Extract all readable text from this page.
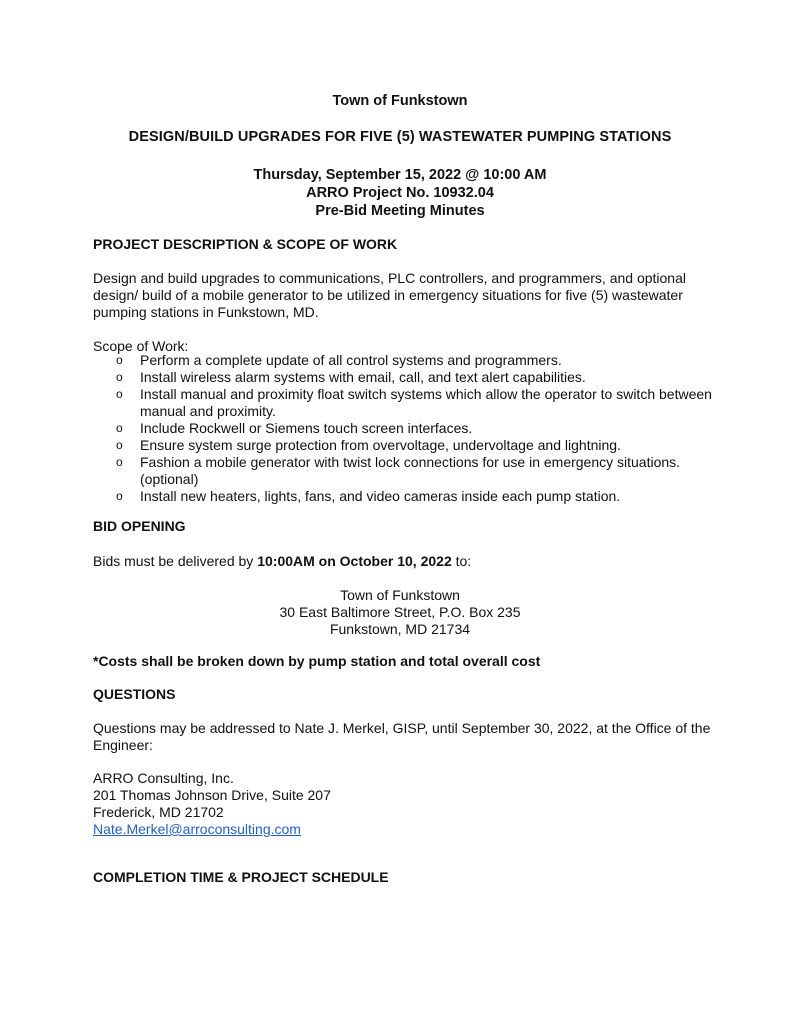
Town of Funkstown
DESIGN/BUILD UPGRADES FOR FIVE (5) WASTEWATER PUMPING STATIONS
Thursday, September 15, 2022 @ 10:00 AM
ARRO Project No. 10932.04
Pre-Bid Meeting Minutes
PROJECT DESCRIPTION & SCOPE OF WORK
Design and build upgrades to communications, PLC controllers, and programmers, and optional design/ build of a mobile generator to be utilized in emergency situations for five (5) wastewater pumping stations in Funkstown, MD.
Scope of Work:
o Perform a complete update of all control systems and programmers.
o Install wireless alarm systems with email, call, and text alert capabilities.
o Install manual and proximity float switch systems which allow the operator to switch between manual and proximity.
o Include Rockwell or Siemens touch screen interfaces.
o Ensure system surge protection from overvoltage, undervoltage and lightning.
o Fashion a mobile generator with twist lock connections for use in emergency situations. (optional)
o Install new heaters, lights, fans, and video cameras inside each pump station.
BID OPENING
Bids must be delivered by 10:00AM on October 10, 2022 to:
Town of Funkstown
30 East Baltimore Street, P.O. Box 235
Funkstown, MD 21734
*Costs shall be broken down by pump station and total overall cost
QUESTIONS
Questions may be addressed to Nate J. Merkel, GISP, until September 30, 2022, at the Office of the Engineer:
ARRO Consulting, Inc.
201 Thomas Johnson Drive, Suite 207
Frederick, MD 21702
Nate.Merkel@arroconsulting.com
COMPLETION TIME & PROJECT SCHEDULE
